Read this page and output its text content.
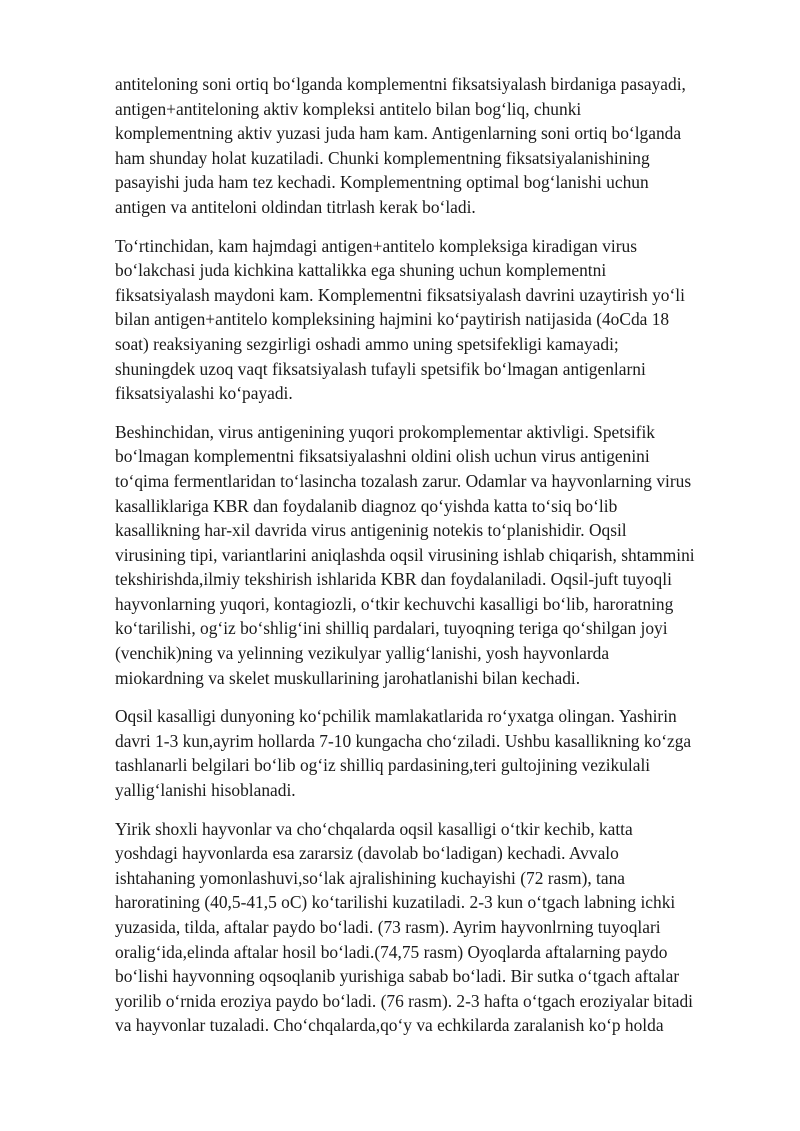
antiteloning soni ortiq bo‘lganda komplementni fiksatsiyalash birdaniga pasayadi,
antigen+antiteloning aktiv kompleksi antitelo bilan bog‘liq, chunki
komplementning aktiv yuzasi juda ham kam. Antigenlarning soni ortiq bo‘lganda
ham shunday holat kuzatiladi. Chunki komplementning fiksatsiyalanishining
pasayishi juda ham tez kechadi. Komplementning optimal bog‘lanishi uchun
antigen va antiteloni oldindan titrlash kerak bo‘ladi.
To‘rtinchidan, kam hajmdagi antigen+antitelo kompleksiga kiradigan virus
bo‘lakchasi juda kichkina kattalikka ega shuning uchun komplementni
fiksatsiyalash maydoni kam. Komplementni fiksatsiyalash davrini uzaytirish yo‘li
bilan antigen+antitelo kompleksining hajmini ko‘paytirish natijasida (4oCda 18
soat) reaksiyaning sezgirligi oshadi ammo uning spetsifekligi kamayadi;
shuningdek uzoq vaqt fiksatsiyalash tufayli spetsifik bo‘lmagan antigenlarni
fiksatsiyalashi ko‘payadi.
Beshinchidan, virus antigenining yuqori prokomplementar aktivligi. Spetsifik
bo‘lmagan komplementni fiksatsiyalashni oldini olish uchun virus antigenini
to‘qima fermentlaridan to‘lasincha tozalash zarur. Odamlar va hayvonlarning virus
kasalliklariga KBR dan foydalanib diagnoz qo‘yishda katta to‘siq bo‘lib
kasallikning har-xil davrida virus antigeninig notekis to‘planishidir. Oqsil
virusining tipi, variantlarini aniqlashda oqsil virusining ishlab chiqarish, shtammini
tekshirishda,ilmiy tekshirish ishlarida KBR dan foydalaniladi. Oqsil-juft tuyoqli
hayvonlarning yuqori, kontagiozli, o‘tkir kechuvchi kasalligi bo‘lib, haroratning
ko‘tarilishi, og‘iz bo‘shlig‘ini shilliq pardalari, tuyoqning teriga qo‘shilgan joyi
(venchik)ning va yelinning vezikulyar yallig‘lanishi, yosh hayvonlarda
miokardning va skelet muskullarining jarohatlanishi bilan kechadi.
Oqsil kasalligi dunyoning ko‘pchilik mamlakatlarida ro‘yxatga olingan. Yashirin
davri 1-3 kun,ayrim hollarda 7-10 kungacha cho‘ziladi. Ushbu kasallikning ko‘zga
tashlanarli belgilari bo‘lib og‘iz shilliq pardasining,teri gultojining vezikulali
yallig‘lanishi hisoblanadi.
Yirik shoxli hayvonlar va cho‘chqalarda oqsil kasalligi o‘tkir kechib, katta
yoshdagi hayvonlarda esa zararsiz (davolab bo‘ladigan) kechadi. Avvalo
ishtahaning yomonlashuvi,so‘lak ajralishining kuchayishi (72 rasm), tana
haroratining (40,5-41,5 oC) ko‘tarilishi kuzatiladi. 2-3 kun o‘tgach labning ichki
yuzasida, tilda, aftalar paydo bo‘ladi. (73 rasm). Ayrim hayvonlrning tuyoqlari
oralig‘ida,elinda aftalar hosil bo‘ladi.(74,75 rasm) Oyoqlarda aftalarning paydo
bo‘lishi hayvonning oqsoqlanib yurishiga sabab bo‘ladi. Bir sutka o‘tgach aftalar
yorilib o‘rnida eroziya paydo bo‘ladi. (76 rasm). 2-3 hafta o‘tgach eroziyalar bitadi
va hayvonlar tuzaladi. Cho‘chqalarda,qo‘y va echkilarda zaralanish ko‘p holda
